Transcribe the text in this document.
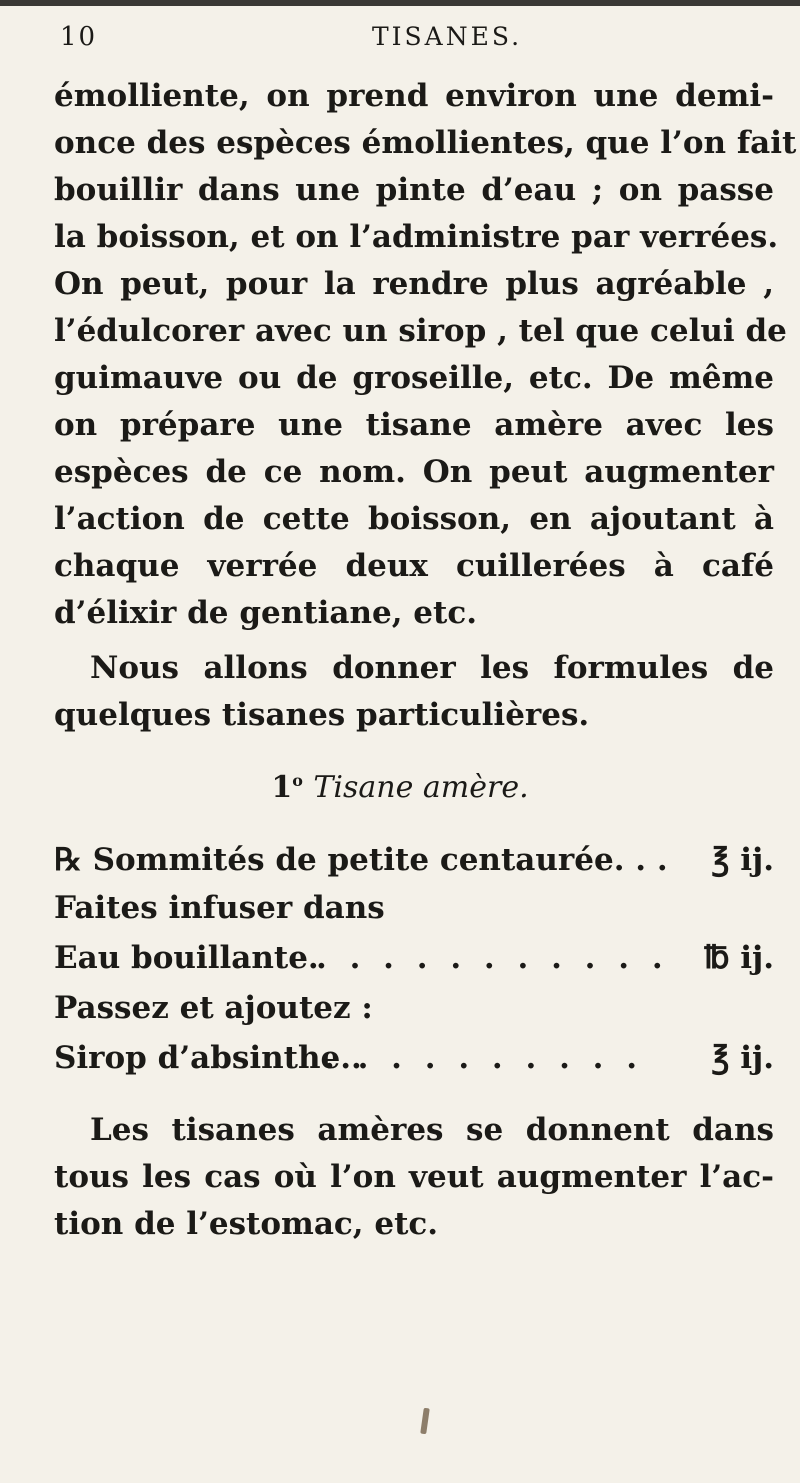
10	TISANES.
émolliente, on prend environ une demi-
once des espèces émollientes, que l’on fait
bouillir dans une pinte d’eau ; on passe
la boisson, et on l’administre par verrées.
On peut, pour la rendre plus agréable ,
l’édulcorer avec un sirop , tel que celui de
guimauve ou de groseille, etc. De même
on prépare une tisane amère avec les
espèces de ce nom. On peut augmenter
l’action de cette boisson, en ajoutant à
chaque verrée deux cuillerées à café
d’élixir de gentiane, etc.
Nous allons donner les formules de
quelques tisanes particulières.
1$^o$ Tisane amère.
℞ Sommités de petite centaurée. . . ℥ ij.
Faites infuser dans
Eau bouillante.
. . . . . . . . . . . ℔ ij.
Passez et ajoutez :
Sirop d’absinthe..
. . . . . . . . . . ℥ ij.
Les tisanes amères se donnent dans
tous les cas où l’on veut augmenter l’ac-
tion de l’estomac, etc.
